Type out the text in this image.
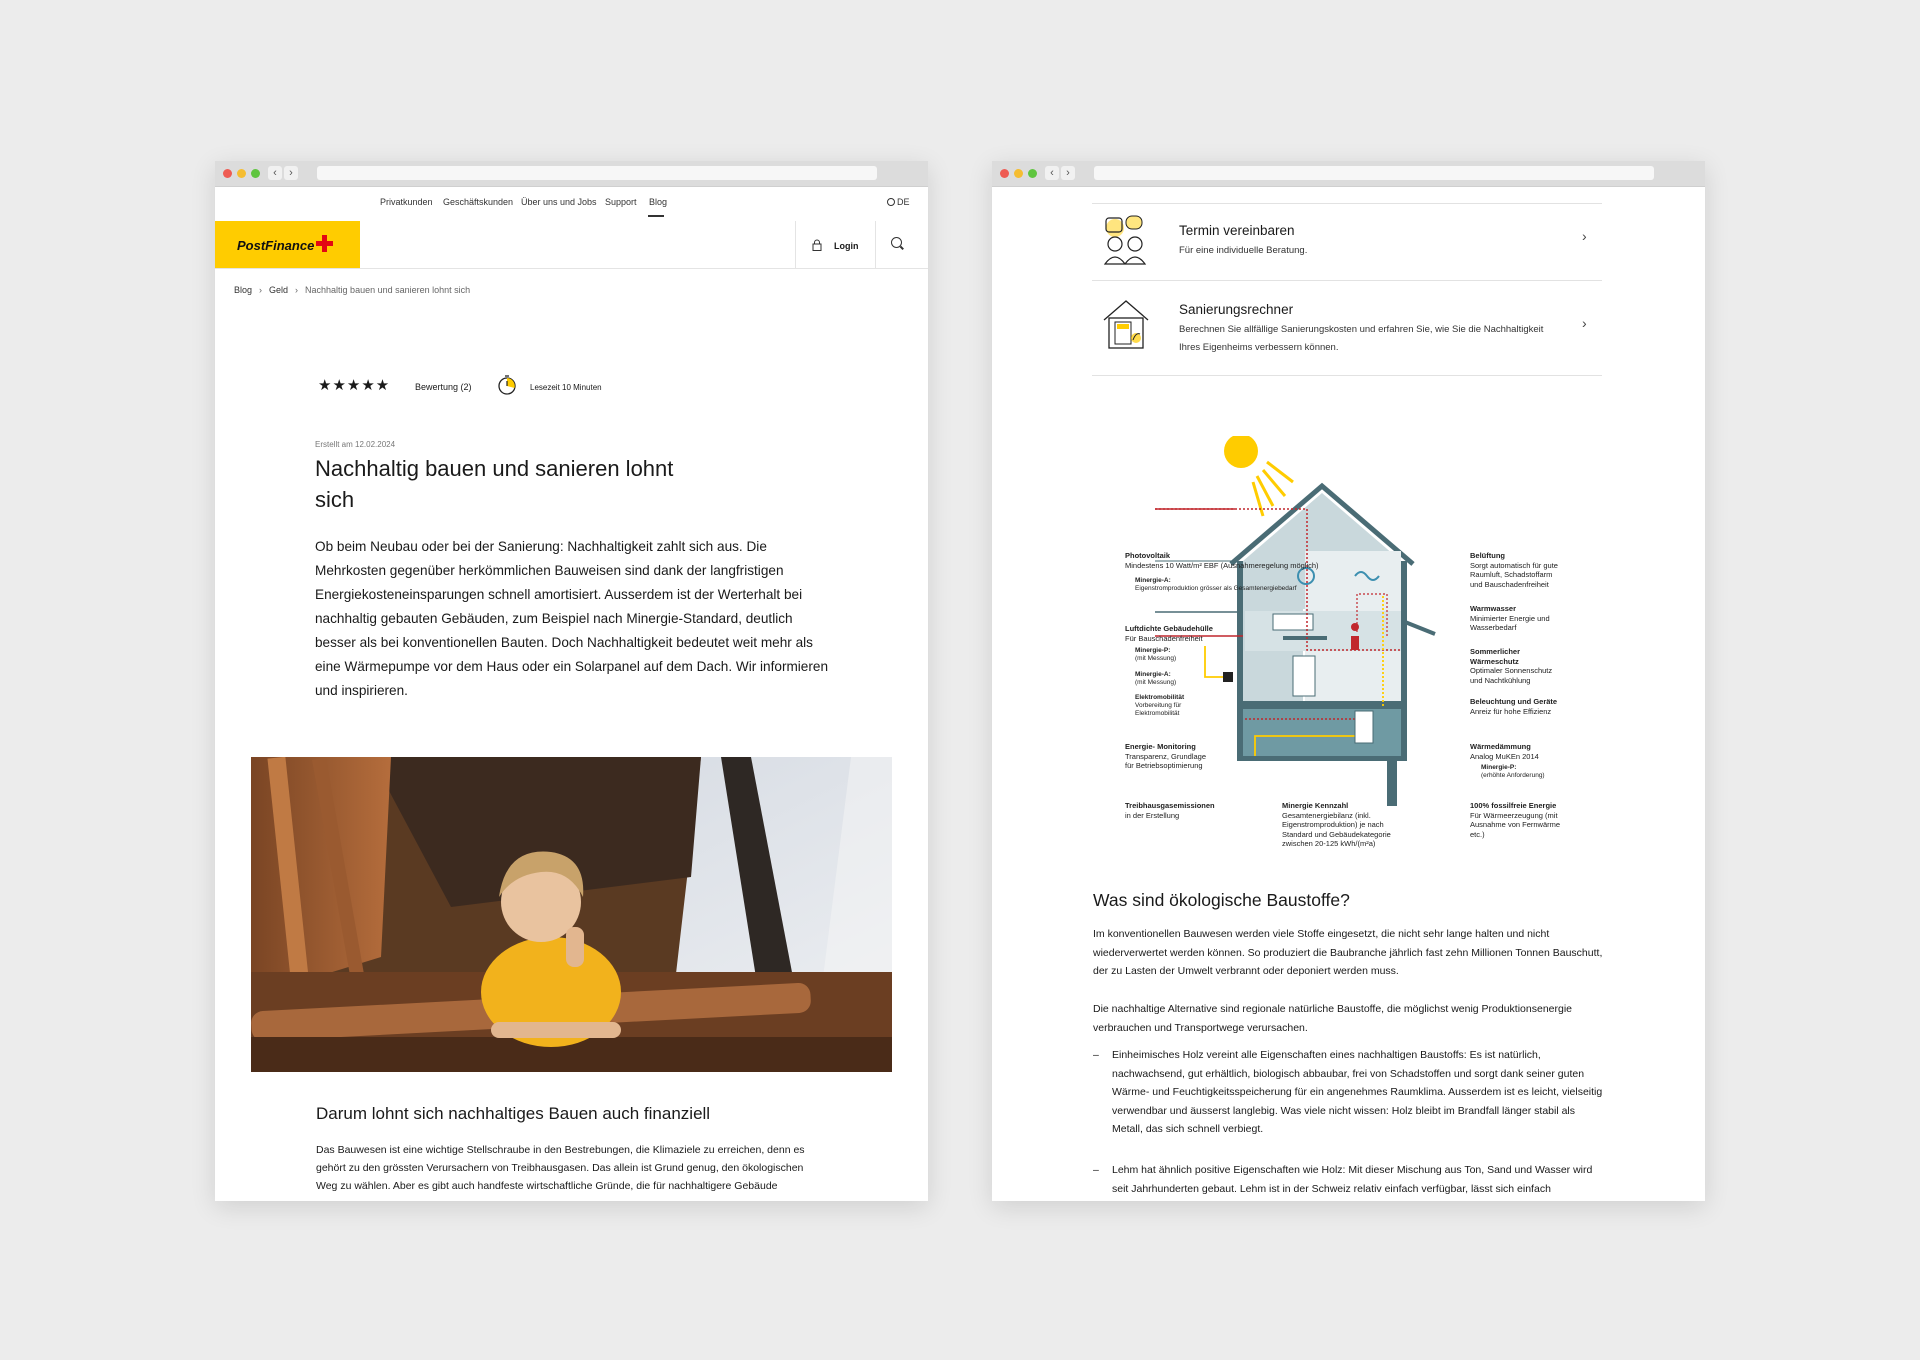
‹	›
Privatkunden Geschäftskunden Über uns und Jobs Support Blog	DE
PostFinance	Login
Blog › Geld › Nachhaltig bauen und sanieren lohnt sich
★★★★★	Bewertung (2)	Lesezeit 10 Minuten
Erstellt am 12.02.2024
Nachhaltig bauen und sanieren lohnt sich

Ob beim Neubau oder bei der Sanierung: Nachhaltigkeit zahlt sich aus. Die Mehrkosten gegenüber herkömmlichen Bauweisen sind dank der langfristigen Energiekosteneinsparungen schnell amortisiert. Ausserdem ist der Werterhalt bei nachhaltig gebauten Gebäuden, zum Beispiel nach Minergie-Standard, deutlich besser als bei konventionellen Bauten. Doch Nachhaltigkeit bedeutet weit mehr als eine Wärmepumpe vor dem Haus oder ein Solarpanel auf dem Dach. Wir informieren und inspirieren.

Darum lohnt sich nachhaltiges Bauen auch finanziell

Das Bauwesen ist eine wichtige Stellschraube in den Bestrebungen, die Klimaziele zu erreichen, denn es gehört zu den grössten Verursachern von Treibhausgasen. Das allein ist Grund genug, den ökologischen Weg zu wählen. Aber es gibt auch handfeste wirtschaftliche Gründe, die für nachhaltigere Gebäude

‹	›
Termin vereinbaren
Für eine individuelle Beratung.
›
Sanierungsrechner
Berechnen Sie allfällige Sanierungskosten und erfahren Sie, wie Sie die Nachhaltigkeit Ihres Eigenheims verbessern können.
›
Photovoltaik
Mindestens 10 Watt/m² EBF (Ausnahmeregelung möglich)
Minergie-A:
Eigenstromproduktion grösser als Gesamtenergiebedarf
Luftdichte Gebäudehülle
Für Bauschadenfreiheit
Minergie-P:
(mit Messung)
Minergie-A:
(mit Messung)
Elektromobilität
Vorbereitung für Elektromobilität
Energie- Monitoring
Transparenz, Grundlage für Betriebsoptimierung
Treibhausgasemissionen
in der Erstellung
Minergie Kennzahl
Gesamtenergiebilanz (inkl. Eigenstromproduktion) je nach Standard und Gebäudekategorie zwischen 20-125 kWh/(m²a)
Belüftung
Sorgt automatisch für gute Raumluft, Schadstoffarm und Bauschadenfreiheit
Warmwasser
Minimierter Energie und Wasserbedarf
Sommerlicher Wärmeschutz
Optimaler Sonnenschutz und Nachtkühlung
Beleuchtung und Geräte
Anreiz für hohe Effizienz
Wärmedämmung
Analog MuKEn 2014
Minergie-P:
(erhöhte Anforderung)
100% fossilfreie Energie
Für Wärmeerzeugung (mit Ausnahme von Fernwärme etc.)
Was sind ökologische Baustoffe?

Im konventionellen Bauwesen werden viele Stoffe eingesetzt, die nicht sehr lange halten und nicht wiederverwertet werden können. So produziert die Baubranche jährlich fast zehn Millionen Tonnen Bauschutt, der zu Lasten der Umwelt verbrannt oder deponiert werden muss.

Die nachhaltige Alternative sind regionale natürliche Baustoffe, die möglichst wenig Produktionsenergie verbrauchen und Transportwege verursachen.

– Einheimisches Holz vereint alle Eigenschaften eines nachhaltigen Baustoffs: Es ist natürlich, nachwachsend, gut erhältlich, biologisch abbaubar, frei von Schadstoffen und sorgt dank seiner guten Wärme- und Feuchtigkeitsspeicherung für ein angenehmes Raumklima. Ausserdem ist es leicht, vielseitig verwendbar und äusserst langlebig. Was viele nicht wissen: Holz bleibt im Brandfall länger stabil als Metall, das sich schnell verbiegt.
– Lehm hat ähnlich positive Eigenschaften wie Holz: Mit dieser Mischung aus Ton, Sand und Wasser wird seit Jahrhunderten gebaut. Lehm ist in der Schweiz relativ einfach verfügbar, lässt sich einfach
